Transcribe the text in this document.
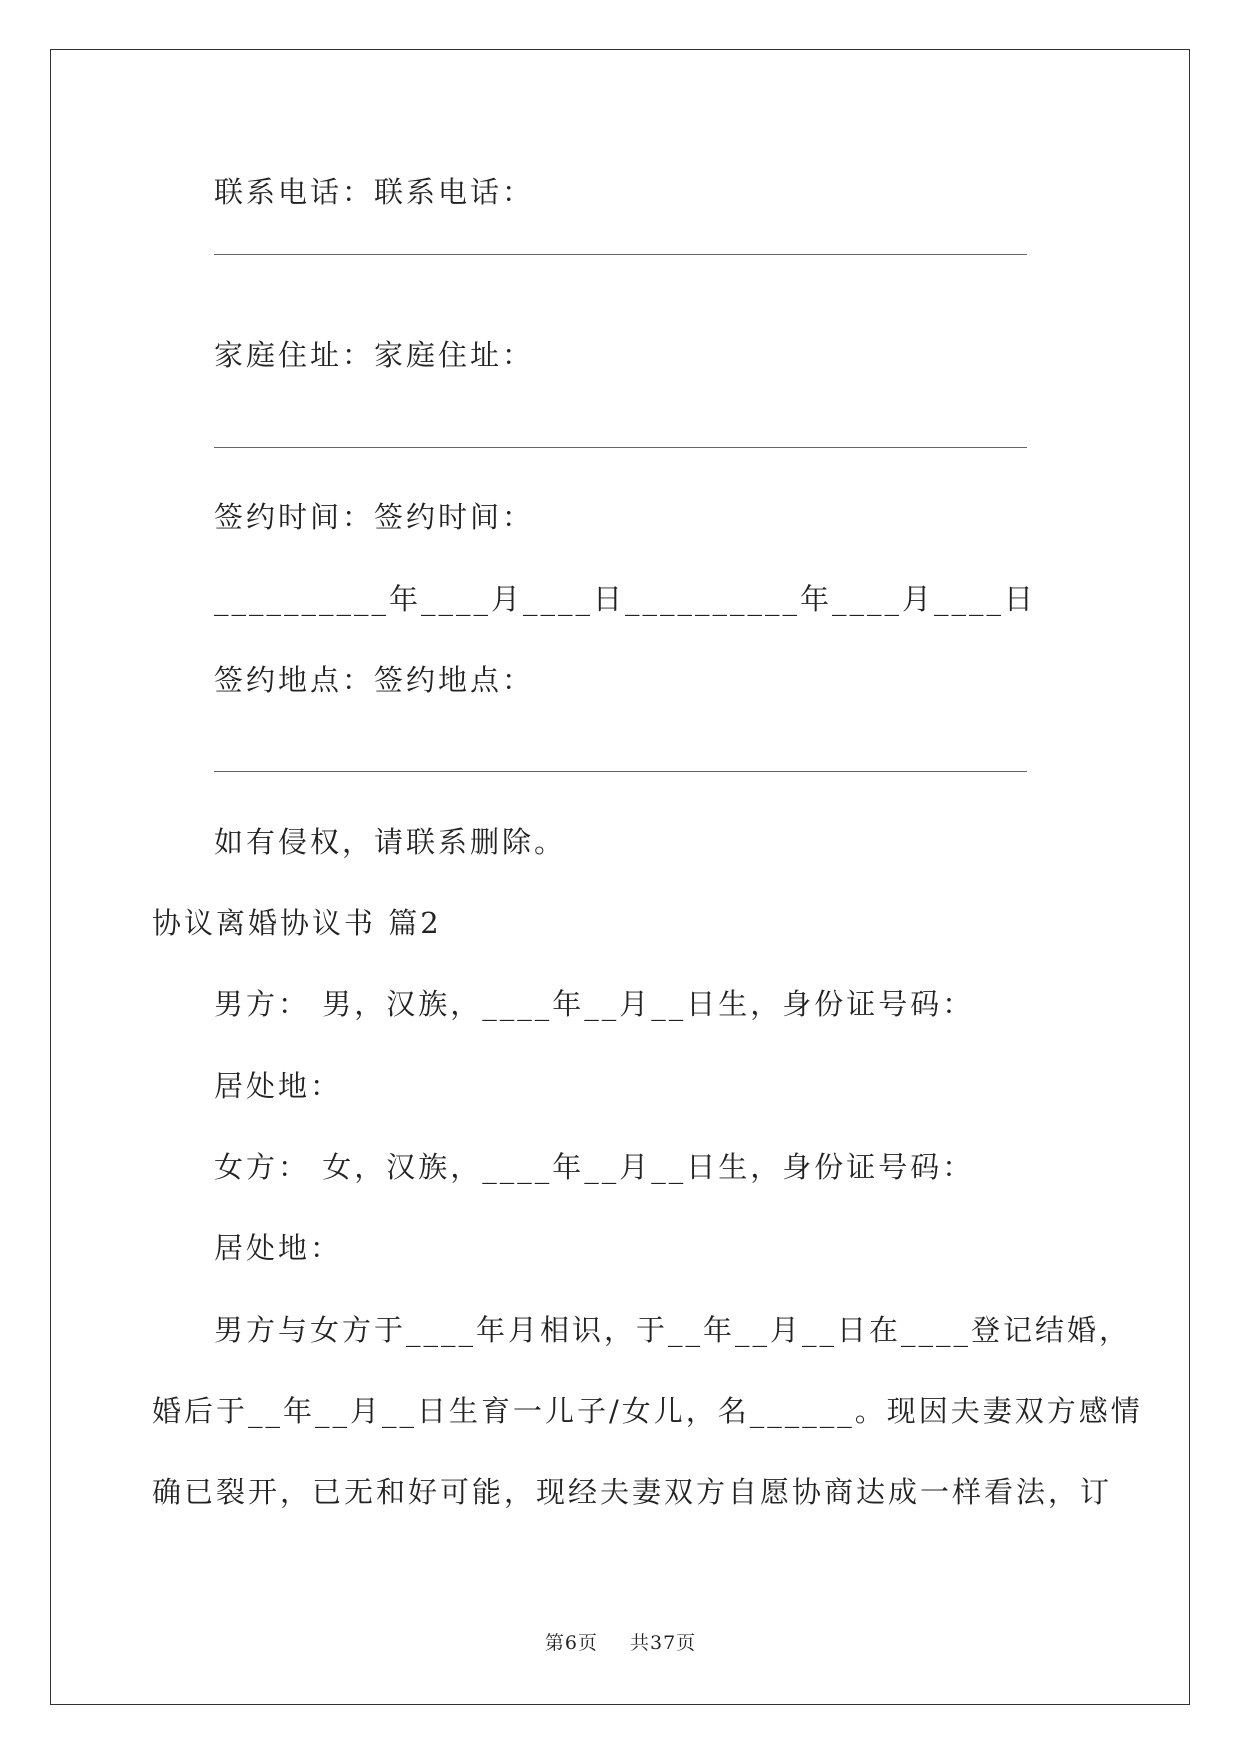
联系电话：联系电话：
家庭住址：家庭住址：
签约时间：签约时间：
__________年____月____日__________年____月____日
签约地点：签约地点：
如有侵权，请联系删除。
协议离婚协议书 篇2
男方： 男，汉族，____年__月__日生，身份证号码：
居处地：
女方： 女，汉族，____年__月__日生，身份证号码：
居处地：
男方与女方于____年月相识，于__年__月__日在____登记结婚，
婚后于__年__月__日生育一儿子/女儿，名______。现因夫妻双方感情
确已裂开，已无和好可能，现经夫妻双方自愿协商达成一样看法，订
第6页 共37页
